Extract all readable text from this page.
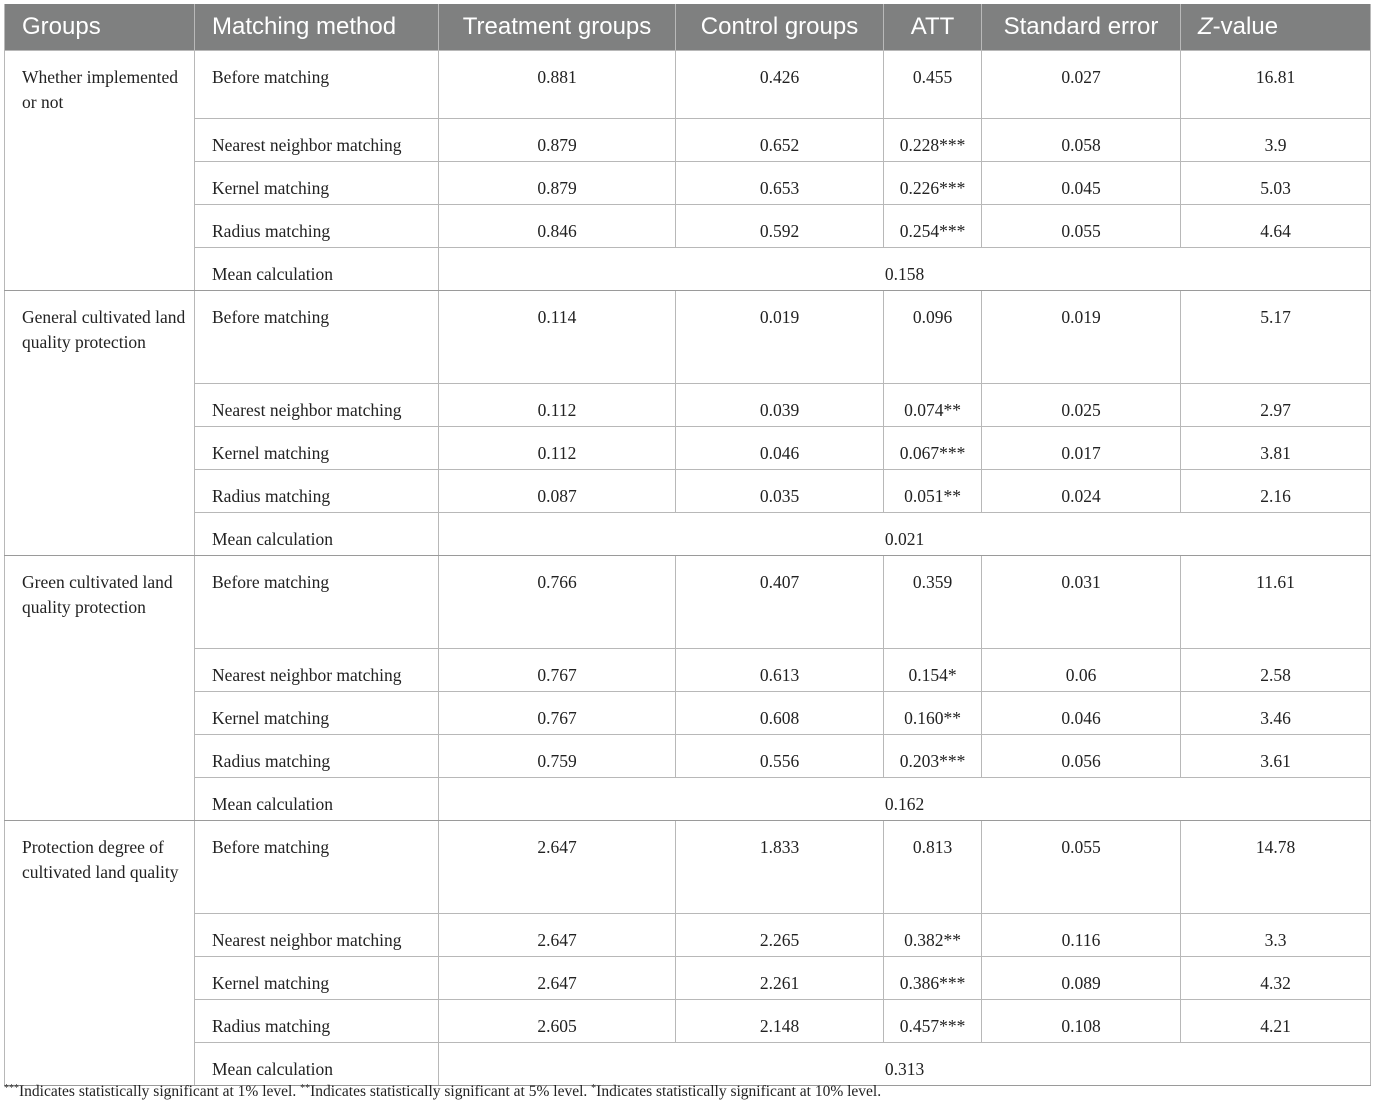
Groups	Matching method	Treatment groups	Control groups	ATT	Standard error	Z-value
Whether implemented or not	Before matching	0.881	0.426	0.455	0.027	16.81
	Nearest neighbor matching	0.879	0.652	0.228***	0.058	3.9
	Kernel matching	0.879	0.653	0.226***	0.045	5.03
	Radius matching	0.846	0.592	0.254***	0.055	4.64
	Mean calculation	0.158				
General cultivated land quality protection	Before matching	0.114	0.019	0.096	0.019	5.17
	Nearest neighbor matching	0.112	0.039	0.074**	0.025	2.97
	Kernel matching	0.112	0.046	0.067***	0.017	3.81
	Radius matching	0.087	0.035	0.051**	0.024	2.16
	Mean calculation	0.021				
Green cultivated land quality protection	Before matching	0.766	0.407	0.359	0.031	11.61
	Nearest neighbor matching	0.767	0.613	0.154*	0.06	2.58
	Kernel matching	0.767	0.608	0.160**	0.046	3.46
	Radius matching	0.759	0.556	0.203***	0.056	3.61
	Mean calculation	0.162				
Protection degree of cultivated land quality	Before matching	2.647	1.833	0.813	0.055	14.78
	Nearest neighbor matching	2.647	2.265	0.382**	0.116	3.3
	Kernel matching	2.647	2.261	0.386***	0.089	4.32
	Radius matching	2.605	2.148	0.457***	0.108	4.21
	Mean calculation	0.313				
***Indicates statistically significant at 1% level. **Indicates statistically significant at 5% level. *Indicates statistically significant at 10% level.
